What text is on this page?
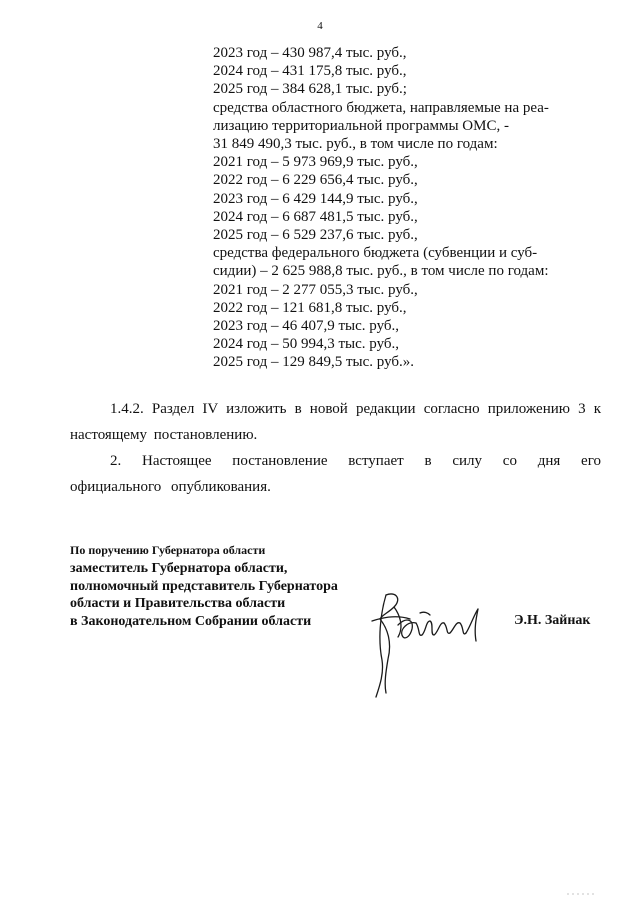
4
2023 год – 430 987,4 тыс. руб.,
2024 год – 431 175,8 тыс. руб.,
2025 год – 384 628,1 тыс. руб.;
средства областного бюджета, направляемые на реа-
лизацию территориальной программы ОМС, -
31 849 490,3 тыс. руб., в том числе по годам:
2021 год – 5 973 969,9 тыс. руб.,
2022 год – 6 229 656,4 тыс. руб.,
2023 год – 6 429 144,9 тыс. руб.,
2024 год – 6 687 481,5 тыс. руб.,
2025 год – 6 529 237,6 тыс. руб.,
средства федерального бюджета (субвенции и суб-
сидии) – 2 625 988,8 тыс. руб., в том числе по годам:
2021 год – 2 277 055,3 тыс. руб.,
2022 год – 121 681,8 тыс. руб.,
2023 год – 46 407,9 тыс. руб.,
2024 год – 50 994,3 тыс. руб.,
2025 год – 129 849,5 тыс. руб.».

1.4.2. Раздел IV изложить в новой редакции согласно приложению 3 к настоящему постановлению.

2. Настоящее постановление вступает в силу со дня его официального опубликования.

По поручению Губернатора области
заместитель Губернатора области,
полномочный представитель Губернатора
области и Правительства области
в Законодательном Собрании области	Э.Н. Зайнак
